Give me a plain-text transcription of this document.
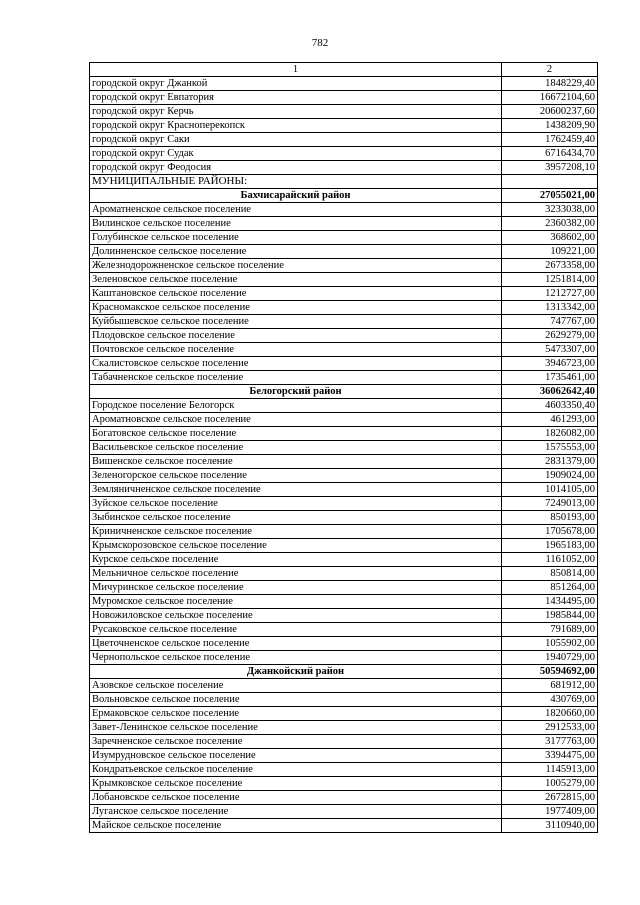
782
1	2
городской округ Джанкой	1848229,40
городской округ Евпатория	16672104,60
городской округ Керчь	20600237,60
городской округ Красноперекопск	1438209,90
городской округ Саки	1762459,40
городской округ Судак	6716434,70
городской округ Феодосия	3957208,10
МУНИЦИПАЛЬНЫЕ РАЙОНЫ:	
Бахчисарайский район	27055021,00
Ароматненское сельское поселение	3233038,00
Вилинское сельское поселение	2360382,00
Голубинское сельское поселение	368602,00
Долинненское сельское поселение	109221,00
Железнодорожненское сельское поселение	2673358,00
Зеленовское сельское поселение	1251814,00
Каштановское сельское поселение	1212727,00
Красномакское сельское поселение	1313342,00
Куйбышевское сельское поселение	747767,00
Плодовское сельское поселение	2629279,00
Почтовское сельское поселение	5473307,00
Скалистовское сельское поселение	3946723,00
Табачненское сельское поселение	1735461,00
Белогорский район	36062642,40
Городское поселение Белогорск	4603350,40
Ароматновское сельское поселение	461293,00
Богатовское сельское поселение	1826082,00
Васильевское сельское поселение	1575553,00
Вишенское сельское поселение	2831379,00
Зеленогорское сельское поселение	1909024,00
Земляничненское сельское поселение	1014105,00
Зуйское сельское поселение	7249013,00
Зыбинское сельское поселение	850193,00
Криничненское сельское поселение	1705678,00
Крымскорозовское сельское поселение	1965183,00
Курское сельское поселение	1161052,00
Мельничное сельское поселение	850814,00
Мичуринское сельское поселение	851264,00
Муромское сельское поселение	1434495,00
Новожиловское сельское поселение	1985844,00
Русаковское сельское поселение	791689,00
Цветочненское сельское поселение	1055902,00
Чернопольское сельское поселение	1940729,00
Джанкойский район	50594692,00
Азовское сельское поселение	681912,00
Вольновское сельское поселение	430769,00
Ермаковское сельское поселение	1820660,00
Завет-Ленинское сельское поселение	2912533,00
Заречненское сельское поселение	3177763,00
Изумрудновское сельское поселение	3394475,00
Кондратьевское сельское поселение	1145913,00
Крымковское сельское поселение	1005279,00
Лобановское сельское поселение	2672815,00
Луганское сельское поселение	1977409,00
Майское сельское поселение	3110940,00
